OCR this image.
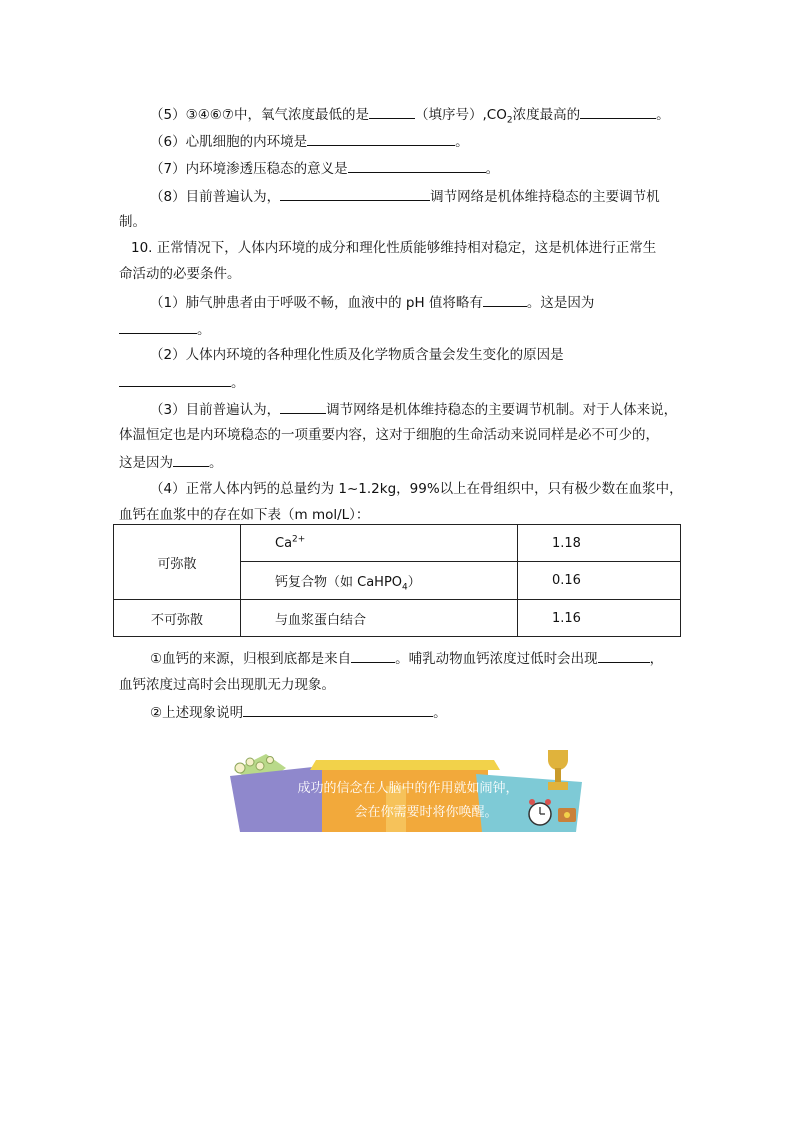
（5）③④⑥⑦中，氧气浓度最低的是	（填序号）$,CO_2$浓度最高的	。
（6）心肌细胞的内环境是	。
（7）内环境渗透压稳态的意义是	。
（8）目前普遍认为，	调节网络是机体维持稳态的主要调节机
制。
10. 正常情况下，人体内环境的成分和理化性质能够维持相对稳定，这是机体进行正常生
命活动的必要条件。
（1）肺气肿患者由于呼吸不畅，血液中的 pH 值将略有	。这是因为
。
（2）人体内环境的各种理化性质及化学物质含量会发生变化的原因是
。
（3）目前普遍认为，	调节网络是机体维持稳态的主要调节机制。对于人体来说，
体温恒定也是内环境稳态的一项重要内容，这对于细胞的生命活动来说同样是必不可少的，
这是因为	。
（4）正常人体内钙的总量约为 1~1.2kg，99%以上在骨组织中，只有极少数在血浆中，
血钙在血浆中的存在如下表（m mol/L）：
可弥散	$Ca^{2+}$	1.18
	钙复合物（如 CaHPO$_4$）	0.16
不可弥散	与血浆蛋白结合	1.16
①血钙的来源，归根到底都是来自	。哺乳动物血钙浓度过低时会出现	，
血钙浓度过高时会出现肌无力现象。
②上述现象说明	。
成功的信念在人脑中的作用就如闹钟，
会在你需要时将你唤醒。
